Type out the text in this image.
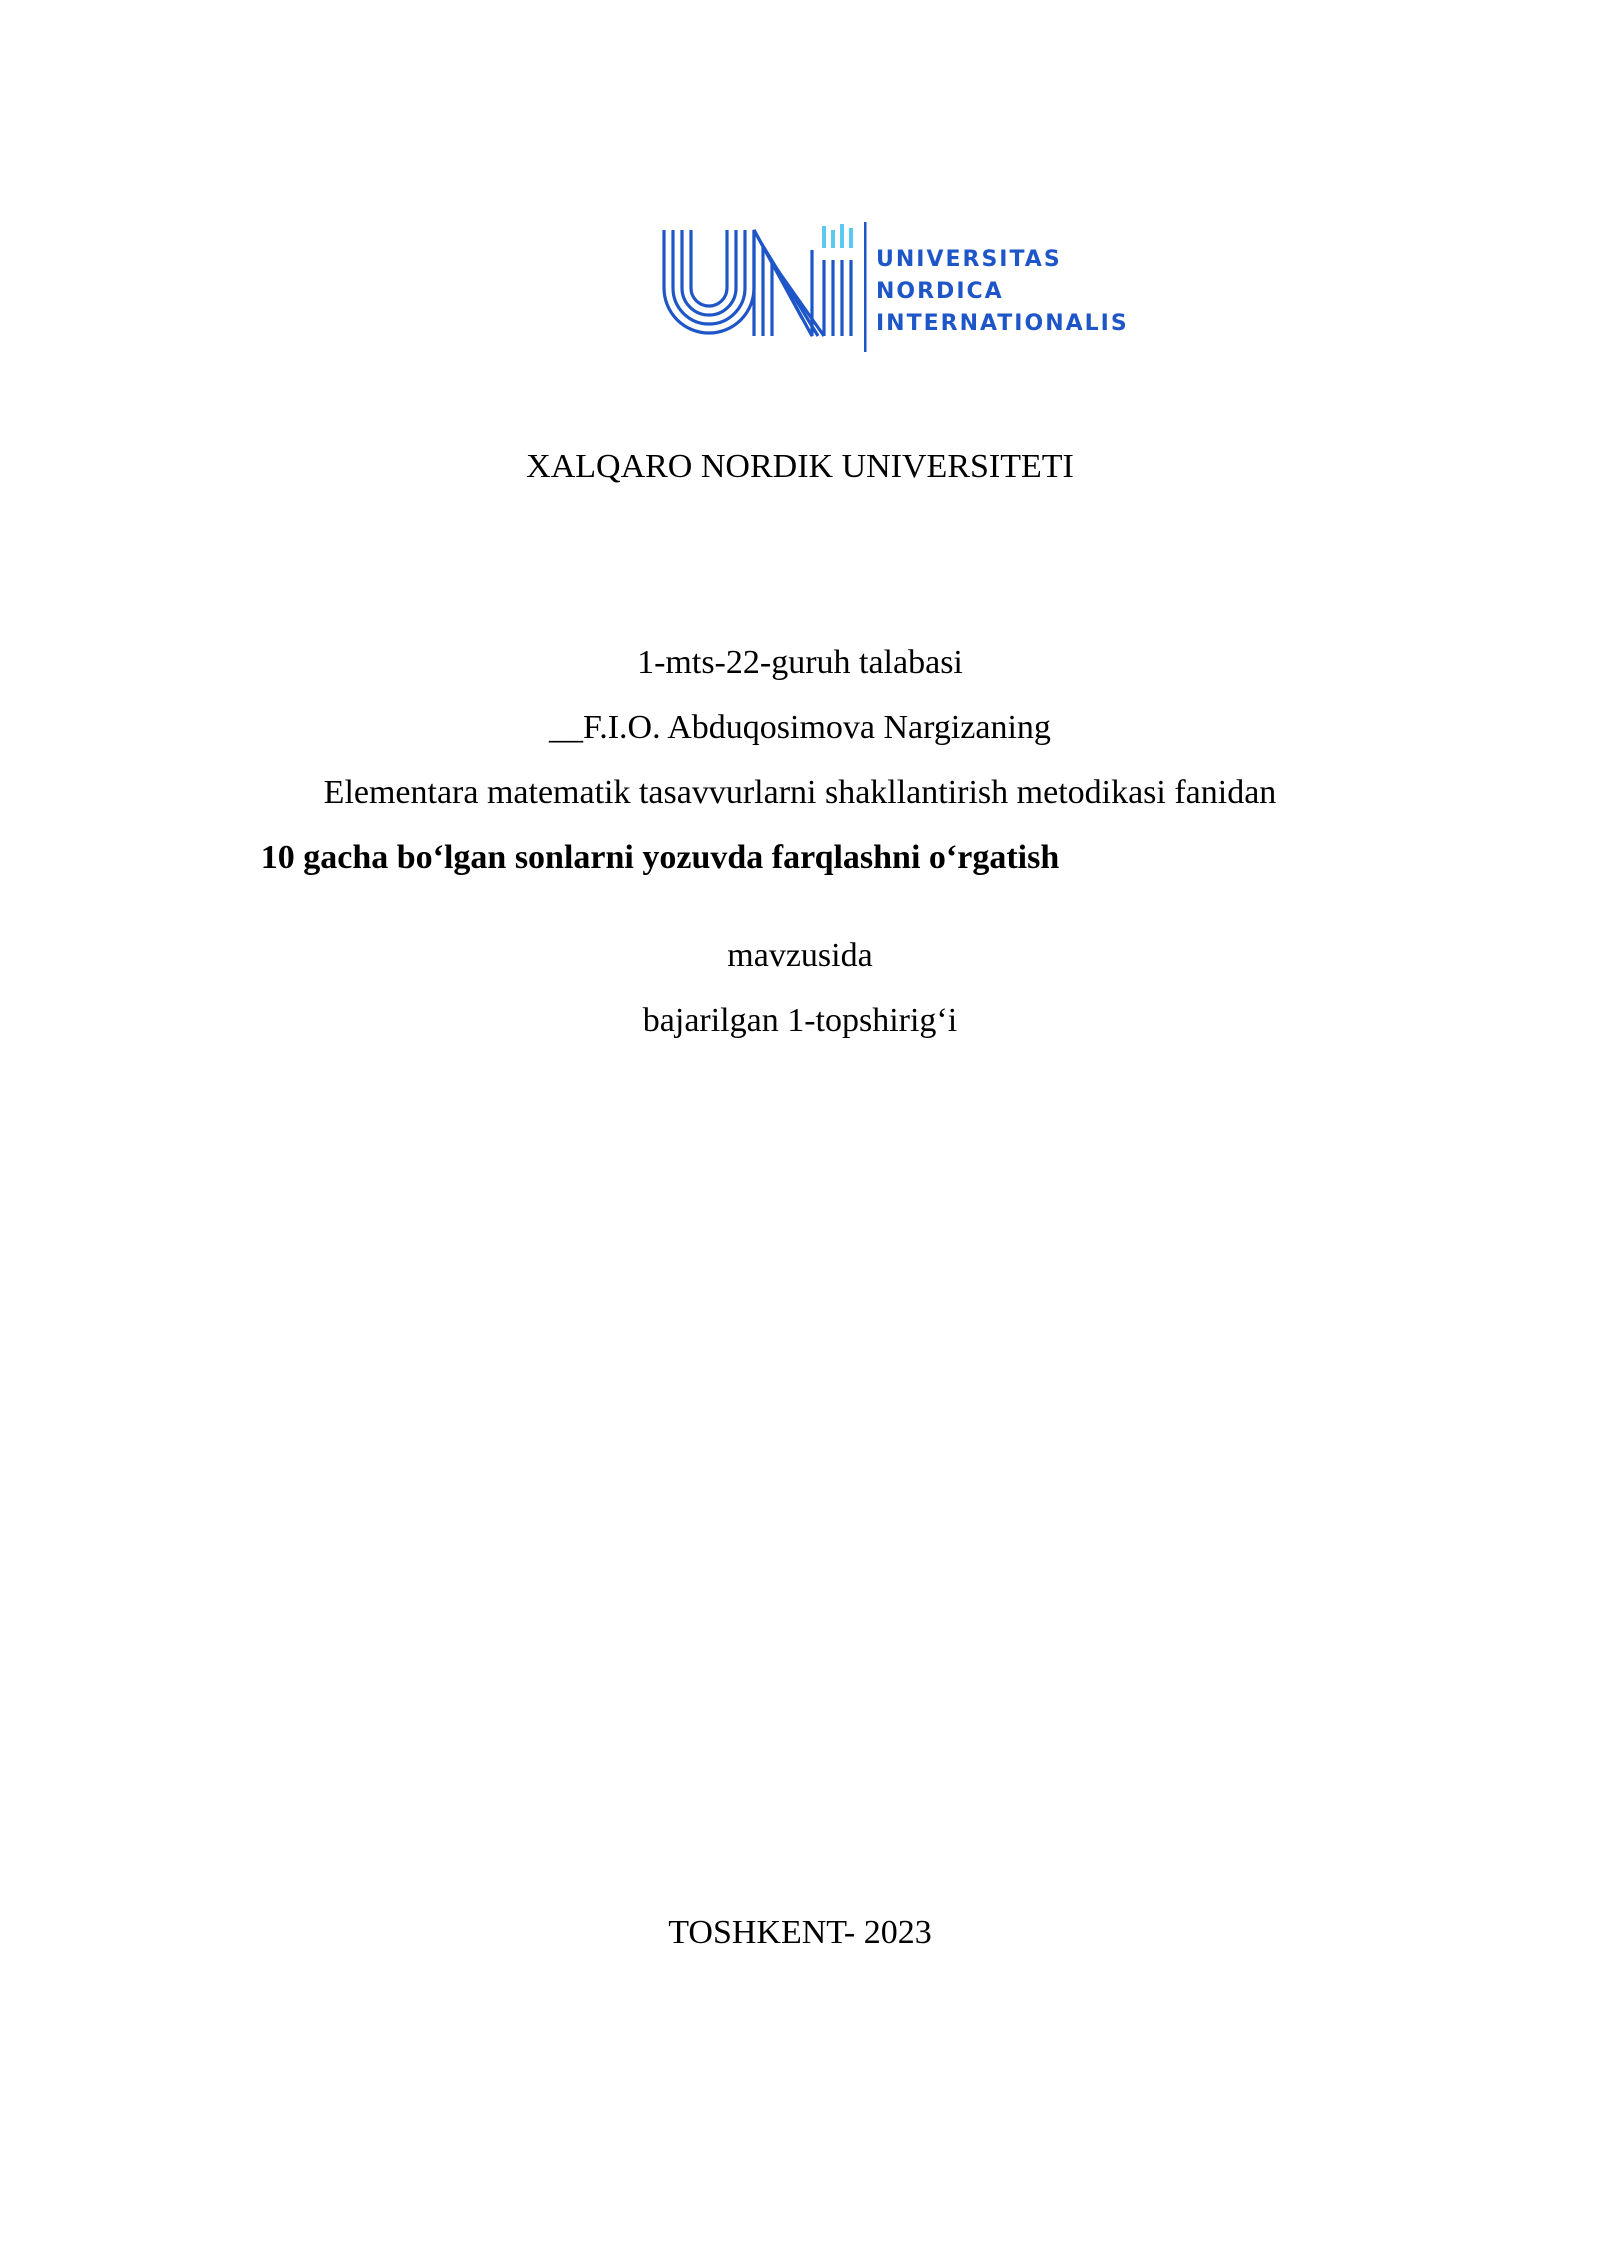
UNIVERSITAS
NORDICA
INTERNATIONALIS
XALQARO NORDIK UNIVERSITETI
1-mts-22-guruh talabasi
__F.I.O. Abduqosimova Nargizaning
Elementara matematik tasavvurlarni shakllantirish metodikasi fanidan
10 gacha bo‘lgan sonlarni yozuvda farqlashni o‘rgatish
mavzusida
bajarilgan 1-topshirig‘i
TOSHKENT- 2023
